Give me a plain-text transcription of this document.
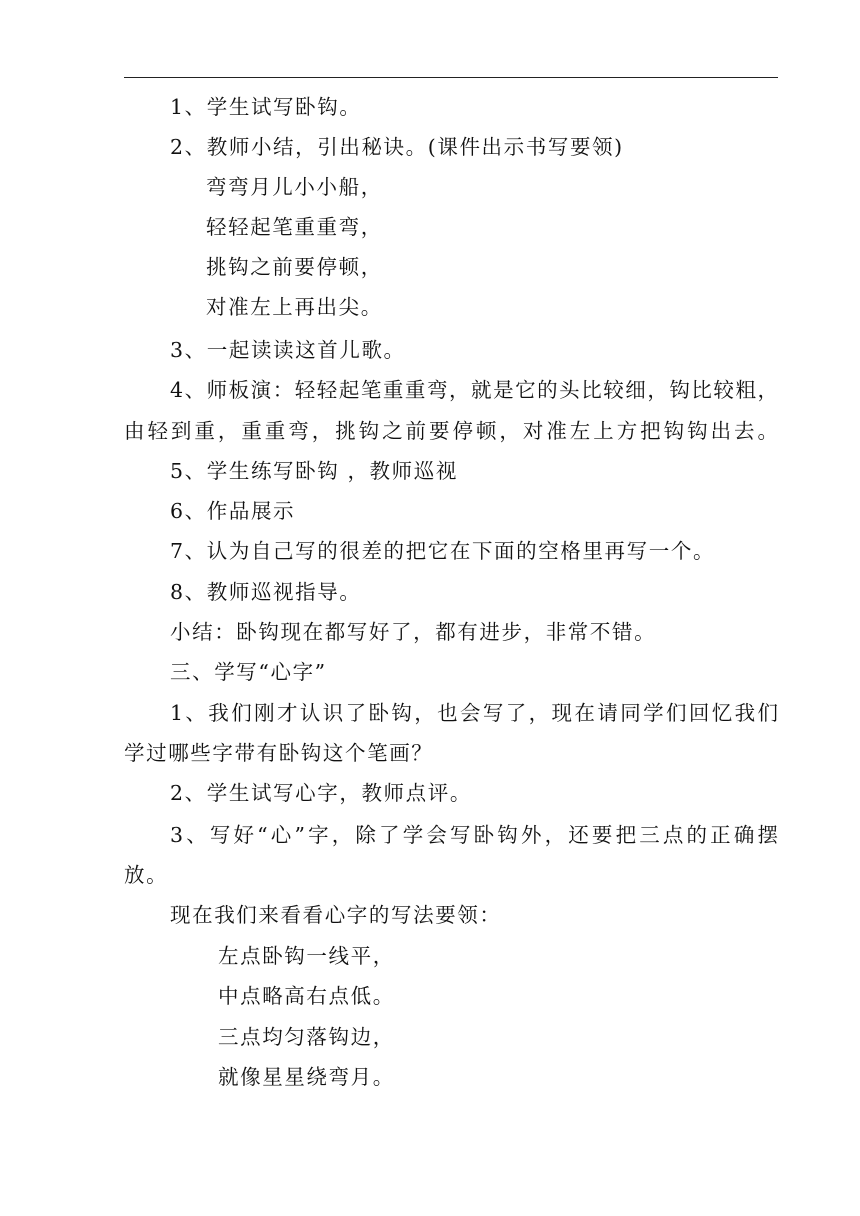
1、学生试写卧钩。
2、教师小结，引出秘诀。(课件出示书写要领)
弯弯月儿小小船，
轻轻起笔重重弯，
挑钩之前要停顿，
对准左上再出尖。
3、一起读读这首儿歌。
4、师板演：轻轻起笔重重弯，就是它的头比较细，钩比较粗，
由轻到重，重重弯，挑钩之前要停顿，对准左上方把钩钩出去。
5、学生练写卧钩 ，教师巡视
6、作品展示
7、认为自己写的很差的把它在下面的空格里再写一个。
8、教师巡视指导。
小结：卧钩现在都写好了，都有进步，非常不错。
三、学写“心字”
1、我们刚才认识了卧钩，也会写了，现在请同学们回忆我们
学过哪些字带有卧钩这个笔画？
2、学生试写心字，教师点评。
3、写好“心”字，除了学会写卧钩外，还要把三点的正确摆
放。
现在我们来看看心字的写法要领：
左点卧钩一线平，
中点略高右点低。
三点均匀落钩边，
就像星星绕弯月。
